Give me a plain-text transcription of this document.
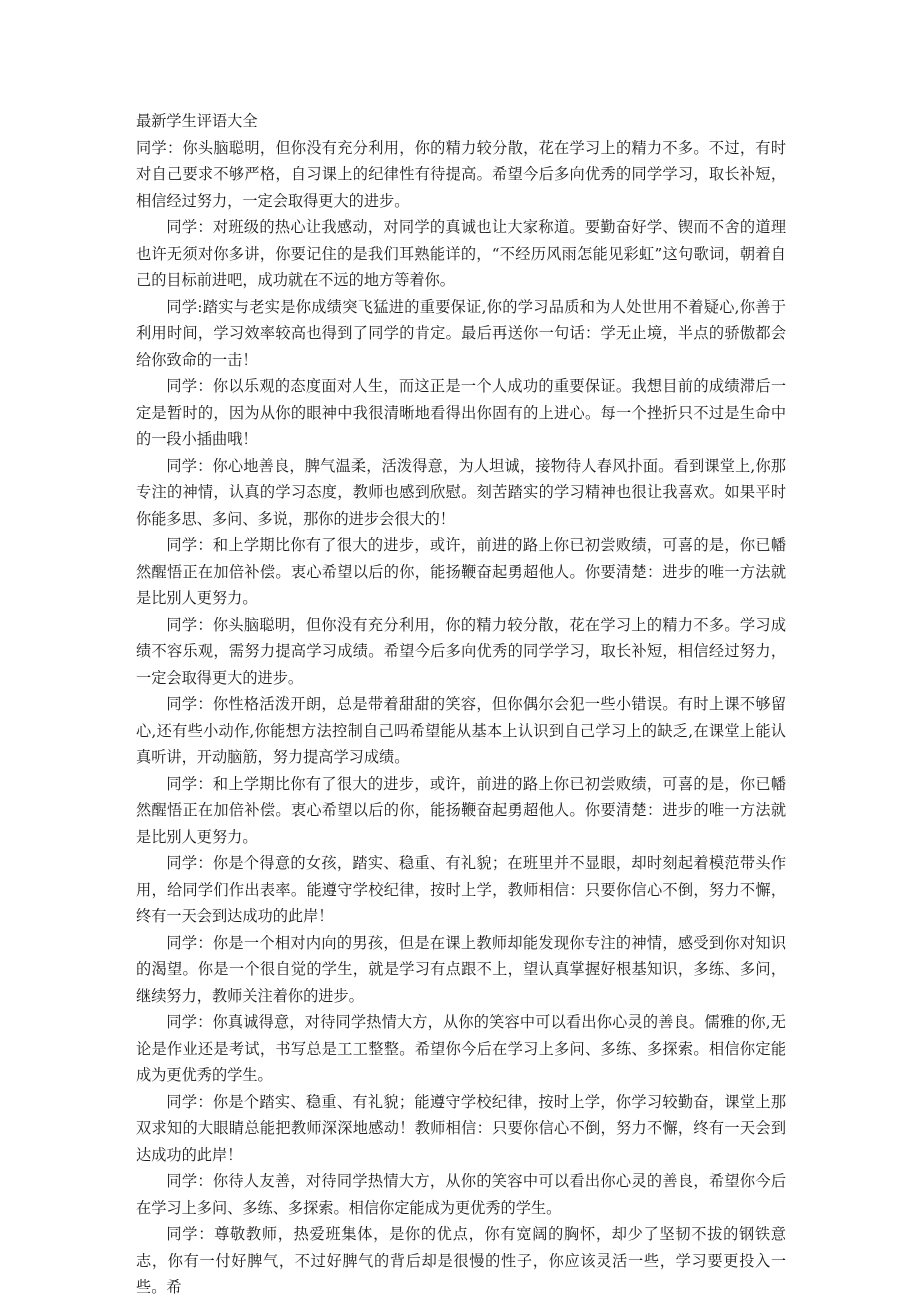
最新学生评语大全

同学：你头脑聪明，但你没有充分利用，你的精力较分散，花在学习上的精力不多。不过，有时对自己要求不够严格，自习课上的纪律性有待提高。希望今后多向优秀的同学学习，取长补短，相信经过努力，一定会取得更大的进步。

同学：对班级的热心让我感动，对同学的真诚也让大家称道。要勤奋好学、锲而不舍的道理也许无须对你多讲，你要记住的是我们耳熟能详的，“不经历风雨怎能见彩虹”这句歌词，朝着自己的目标前进吧，成功就在不远的地方等着你。

同学:踏实与老实是你成绩突飞猛进的重要保证,你的学习品质和为人处世用不着疑心,你善于利用时间，学习效率较高也得到了同学的肯定。最后再送你一句话：学无止境，半点的骄傲都会给你致命的一击！

同学：你以乐观的态度面对人生，而这正是一个人成功的重要保证。我想目前的成绩滞后一定是暂时的，因为从你的眼神中我很清晰地看得出你固有的上进心。每一个挫折只不过是生命中的一段小插曲哦！

同学：你心地善良，脾气温柔，活泼得意，为人坦诚，接物待人春风扑面。看到课堂上,你那专注的神情，认真的学习态度，教师也感到欣慰。刻苦踏实的学习精神也很让我喜欢。如果平时你能多思、多问、多说，那你的进步会很大的！

同学：和上学期比你有了很大的进步，或许，前进的路上你已初尝败绩，可喜的是，你已幡然醒悟正在加倍补偿。衷心希望以后的你，能扬鞭奋起勇超他人。你要清楚：进步的唯一方法就是比别人更努力。

同学：你头脑聪明，但你没有充分利用，你的精力较分散，花在学习上的精力不多。学习成绩不容乐观，需努力提高学习成绩。希望今后多向优秀的同学学习，取长补短，相信经过努力，一定会取得更大的进步。

同学：你性格活泼开朗，总是带着甜甜的笑容，但你偶尔会犯一些小错误。有时上课不够留心,还有些小动作,你能想方法控制自己吗希望能从基本上认识到自己学习上的缺乏,在课堂上能认真听讲，开动脑筋，努力提高学习成绩。

同学：和上学期比你有了很大的进步，或许，前进的路上你已初尝败绩，可喜的是，你已幡然醒悟正在加倍补偿。衷心希望以后的你，能扬鞭奋起勇超他人。你要清楚：进步的唯一方法就是比别人更努力。

同学：你是个得意的女孩，踏实、稳重、有礼貌；在班里并不显眼，却时刻起着模范带头作用，给同学们作出表率。能遵守学校纪律，按时上学，教师相信：只要你信心不倒，努力不懈，终有一天会到达成功的此岸！

同学：你是一个相对内向的男孩，但是在课上教师却能发现你专注的神情，感受到你对知识的渴望。你是一个很自觉的学生，就是学习有点跟不上，望认真掌握好根基知识，多练、多问，继续努力，教师关注着你的进步。

同学：你真诚得意，对待同学热情大方，从你的笑容中可以看出你心灵的善良。儒雅的你,无论是作业还是考试，书写总是工工整整。希望你今后在学习上多问、多练、多探索。相信你定能成为更优秀的学生。

同学：你是个踏实、稳重、有礼貌；能遵守学校纪律，按时上学，你学习较勤奋，课堂上那双求知的大眼睛总能把教师深深地感动！教师相信：只要你信心不倒，努力不懈，终有一天会到达成功的此岸！

同学：你待人友善，对待同学热情大方，从你的笑容中可以看出你心灵的善良，希望你今后在学习上多问、多练、多探索。相信你定能成为更优秀的学生。

同学：尊敬教师，热爱班集体，是你的优点，你有宽阔的胸怀，却少了坚韧不拔的钢铁意志，你有一付好脾气，不过好脾气的背后却是很慢的性子，你应该灵活一些，学习要更投入一些。希
